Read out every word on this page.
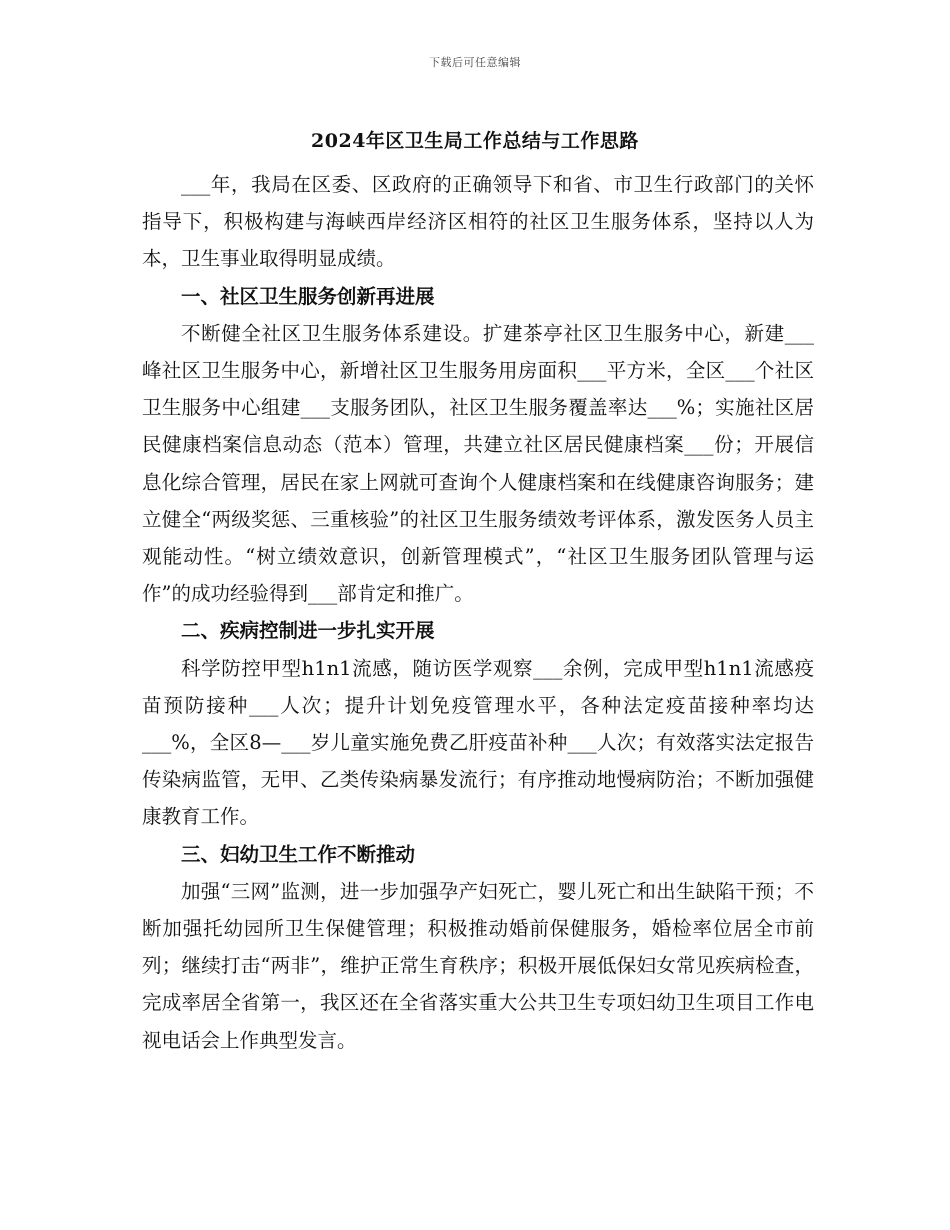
下载后可任意编辑
2024年区卫生局工作总结与工作思路

___年，我局在区委、区政府的正确领导下和省、市卫生行政部门的关怀指导下，积极构建与海峡西岸经济区相符的社区卫生服务体系，坚持以人为本，卫生事业取得明显成绩。

一、社区卫生服务创新再进展

不断健全社区卫生服务体系建设。扩建茶亭社区卫生服务中心，新建___峰社区卫生服务中心，新增社区卫生服务用房面积___平方米，全区___个社区卫生服务中心组建___支服务团队，社区卫生服务覆盖率达___%；实施社区居民健康档案信息动态（范本）管理，共建立社区居民健康档案___份；开展信息化综合管理，居民在家上网就可查询个人健康档案和在线健康咨询服务；建立健全“两级奖惩、三重核验”的社区卫生服务绩效考评体系，激发医务人员主观能动性。“树立绩效意识，创新管理模式”，“社区卫生服务团队管理与运作”的成功经验得到___部肯定和推广。

二、疾病控制进一步扎实开展

科学防控甲型h1n1流感，随访医学观察___余例，完成甲型h1n1流感疫苗预防接种___人次；提升计划免疫管理水平，各种法定疫苗接种率均达___%，全区8—___岁儿童实施免费乙肝疫苗补种___人次；有效落实法定报告传染病监管，无甲、乙类传染病暴发流行；有序推动地慢病防治；不断加强健康教育工作。

三、妇幼卫生工作不断推动

加强“三网”监测，进一步加强孕产妇死亡，婴儿死亡和出生缺陷干预；不断加强托幼园所卫生保健管理；积极推动婚前保健服务，婚检率位居全市前列；继续打击“两非”，维护正常生育秩序；积极开展低保妇女常见疾病检查，完成率居全省第一，我区还在全省落实重大公共卫生专项妇幼卫生项目工作电视电话会上作典型发言。
